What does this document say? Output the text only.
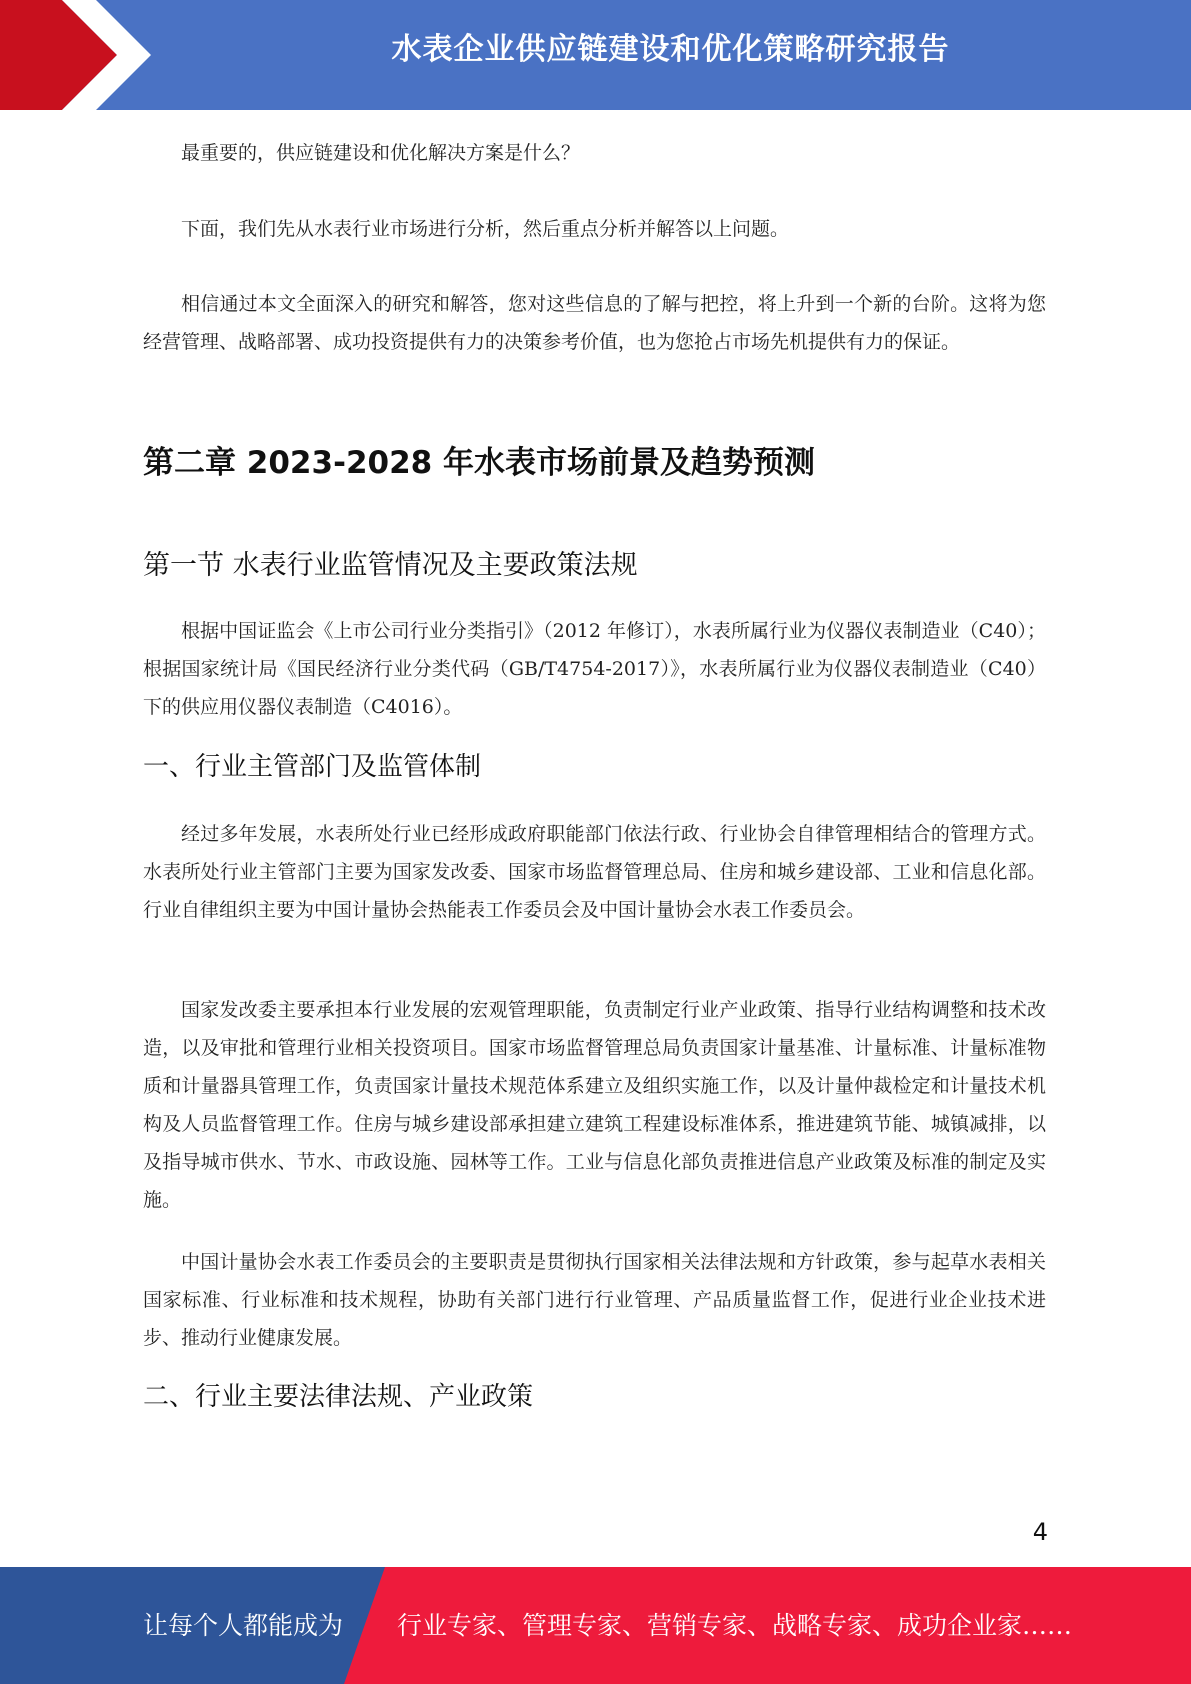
水表企业供应链建设和优化策略研究报告

最重要的，供应链建设和优化解决方案是什么？

下面，我们先从水表行业市场进行分析，然后重点分析并解答以上问题。

相信通过本文全面深入的研究和解答，您对这些信息的了解与把控，将上升到一个新的台阶。这将为您经营管理、战略部署、成功投资提供有力的决策参考价值，也为您抢占市场先机提供有力的保证。

第二章 2023-2028 年水表市场前景及趋势预测
第一节 水表行业监管情况及主要政策法规

根据中国证监会《上市公司行业分类指引》（2012 年修订），水表所属行业为仪器仪表制造业（C40）；根据国家统计局《国民经济行业分类代码（GB/T4754-2017）》，水表所属行业为仪器仪表制造业（C40）下的供应用仪器仪表制造（C4016）。

一、行业主管部门及监管体制

经过多年发展，水表所处行业已经形成政府职能部门依法行政、行业协会自律管理相结合的管理方式。水表所处行业主管部门主要为国家发改委、国家市场监督管理总局、住房和城乡建设部、工业和信息化部。行业自律组织主要为中国计量协会热能表工作委员会及中国计量协会水表工作委员会。

国家发改委主要承担本行业发展的宏观管理职能，负责制定行业产业政策、指导行业结构调整和技术改造，以及审批和管理行业相关投资项目。国家市场监督管理总局负责国家计量基准、计量标准、计量标准物质和计量器具管理工作，负责国家计量技术规范体系建立及组织实施工作，以及计量仲裁检定和计量技术机构及人员监督管理工作。住房与城乡建设部承担建立建筑工程建设标准体系，推进建筑节能、城镇减排，以及指导城市供水、节水、市政设施、园林等工作。工业与信息化部负责推进信息产业政策及标准的制定及实施。

中国计量协会水表工作委员会的主要职责是贯彻执行国家相关法律法规和方针政策，参与起草水表相关国家标准、行业标准和技术规程，协助有关部门进行行业管理、产品质量监督工作，促进行业企业技术进步、推动行业健康发展。

二、行业主要法律法规、产业政策
4
让每个人都能成为 行业专家、管理专家、营销专家、战略专家、成功企业家……
